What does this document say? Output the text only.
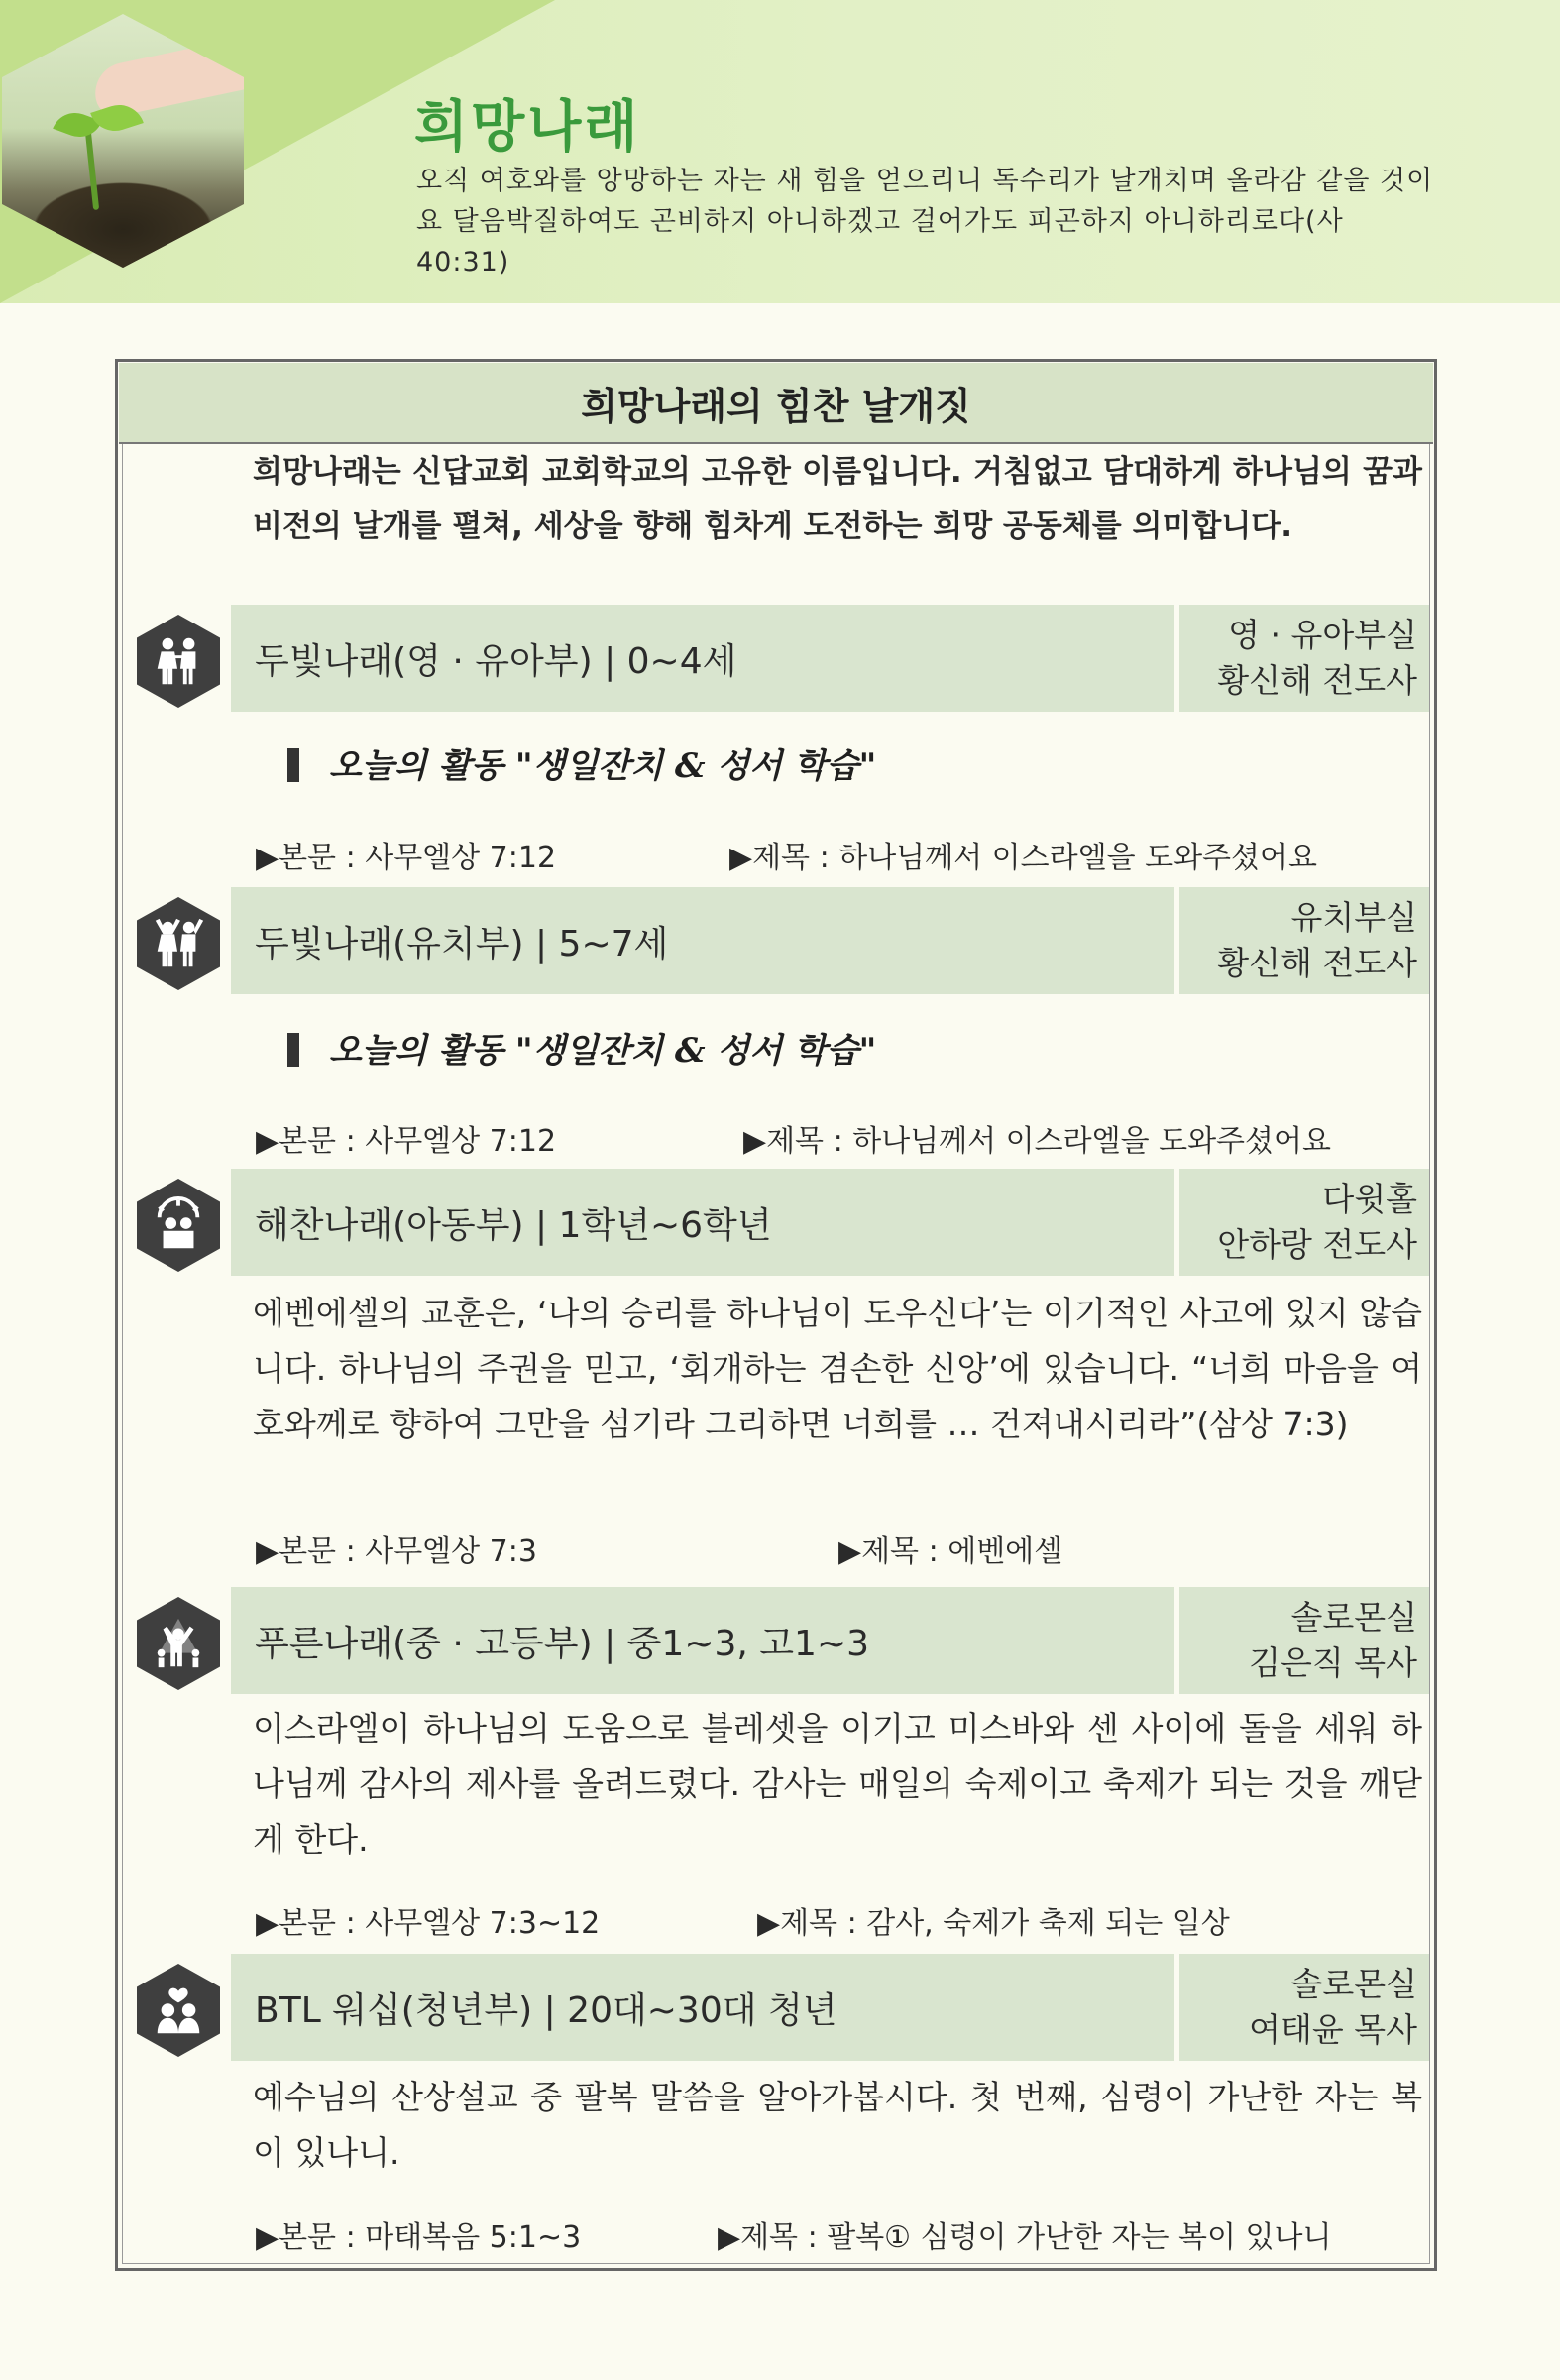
희망나래

오직 여호와를 앙망하는 자는 새 힘을 얻으리니 독수리가 날개치며 올라감 같을 것이요 달음박질하여도 곤비하지 아니하겠고 걸어가도 피곤하지 아니하리로다(사 40:31)

희망나래의 힘찬 날개짓

희망나래는 신답교회 교회학교의 고유한 이름입니다. 거침없고 담대하게 하나님의 꿈과 비전의 날개를 펼쳐, 세상을 향해 힘차게 도전하는 희망 공동체를 의미합니다.

두빛나래(영 · 유아부) | 0~4세
영 · 유아부실
황신해 전도사
오늘의 활동 "생일잔치 & 성서 학습"
▶본문 : 사무엘상 7:12	▶제목 : 하나님께서 이스라엘을 도와주셨어요
두빛나래(유치부) | 5~7세
유치부실
황신해 전도사
오늘의 활동 "생일잔치 & 성서 학습"
▶본문 : 사무엘상 7:12	▶제목 : 하나님께서 이스라엘을 도와주셨어요
해찬나래(아동부) | 1학년~6학년
다윗홀
안하랑 전도사

에벤에셀의 교훈은, ‘나의 승리를 하나님이 도우신다’는 이기적인 사고에 있지 않습니다. 하나님의 주권을 믿고, ‘회개하는 겸손한 신앙’에 있습니다. “너희 마음을 여호와께로 향하여 그만을 섬기라 그리하면 너희를 … 건져내시리라”(삼상 7:3)

▶본문 : 사무엘상 7:3	▶제목 : 에벤에셀
푸른나래(중 · 고등부) | 중1~3, 고1~3
솔로몬실
김은직 목사

이스라엘이 하나님의 도움으로 블레셋을 이기고 미스바와 센 사이에 돌을 세워 하나님께 감사의 제사를 올려드렸다. 감사는 매일의 숙제이고 축제가 되는 것을 깨닫게 한다.

▶본문 : 사무엘상 7:3~12	▶제목 : 감사, 숙제가 축제 되는 일상
BTL 워십(청년부) | 20대~30대 청년
솔로몬실
여태윤 목사

예수님의 산상설교 중 팔복 말씀을 알아가봅시다. 첫 번째, 심령이 가난한 자는 복이 있나니.

▶본문 : 마태복음 5:1~3	▶제목 : 팔복① 심령이 가난한 자는 복이 있나니
